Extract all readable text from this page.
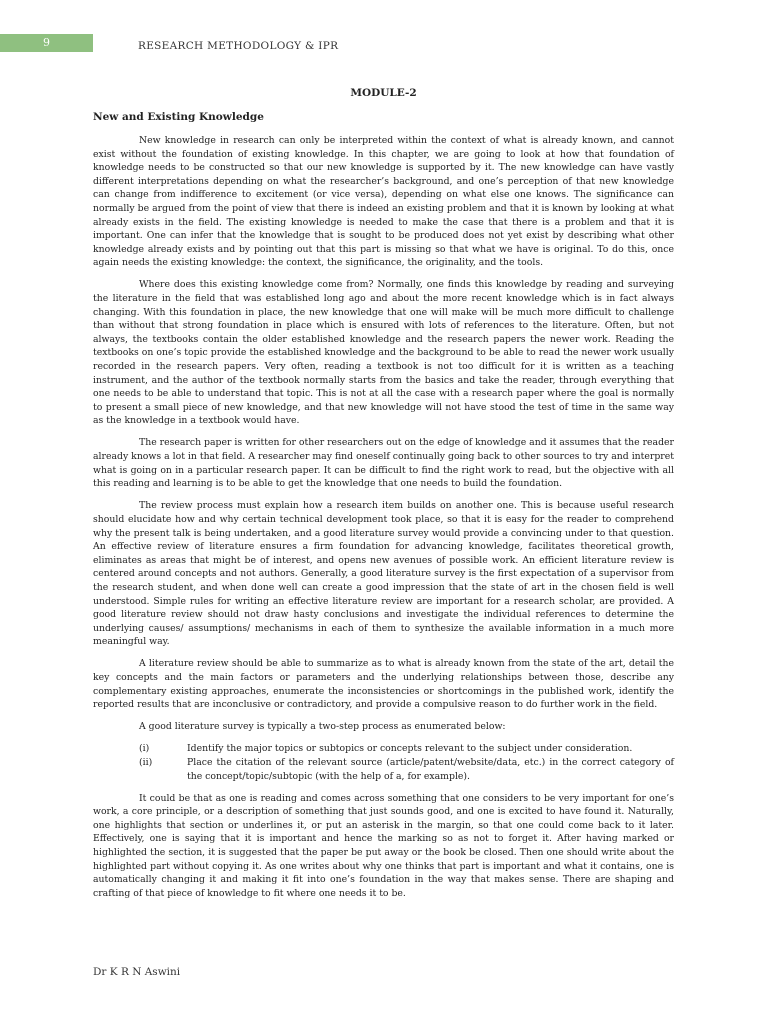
9	RESEARCH METHODOLOGY & IPR
MODULE-2
New and Existing Knowledge

New knowledge in research can only be interpreted within the context of what is already known, and cannot exist without the foundation of existing knowledge. In this chapter, we are going to look at how that foundation of knowledge needs to be constructed so that our new knowledge is supported by it. The new knowledge can have vastly different interpretations depending on what the researcher’s background, and one’s perception of that new knowledge can change from indifference to excitement (or vice versa), depending on what else one knows. The significance can normally be argued from the point of view that there is indeed an existing problem and that it is known by looking at what already exists in the field. The existing knowledge is needed to make the case that there is a problem and that it is important. One can infer that the knowledge that is sought to be produced does not yet exist by describing what other knowledge already exists and by pointing out that this part is missing so that what we have is original. To do this, once again needs the existing knowledge: the context, the significance, the originality, and the tools.

Where does this existing knowledge come from? Normally, one finds this knowledge by reading and surveying the literature in the field that was established long ago and about the more recent knowledge which is in fact always changing. With this foundation in place, the new knowledge that one will make will be much more difficult to challenge than without that strong foundation in place which is ensured with lots of references to the literature. Often, but not always, the textbooks contain the older established knowledge and the research papers the newer work. Reading the textbooks on one’s topic provide the established knowledge and the background to be able to read the newer work usually recorded in the research papers. Very often, reading a textbook is not too difficult for it is written as a teaching instrument, and the author of the textbook normally starts from the basics and take the reader, through everything that one needs to be able to understand that topic. This is not at all the case with a research paper where the goal is normally to present a small piece of new knowledge, and that new knowledge will not have stood the test of time in the same way as the knowledge in a textbook would have.

The research paper is written for other researchers out on the edge of knowledge and it assumes that the reader already knows a lot in that field. A researcher may find oneself continually going back to other sources to try and interpret what is going on in a particular research paper. It can be difficult to find the right work to read, but the objective with all this reading and learning is to be able to get the knowledge that one needs to build the foundation.

The review process must explain how a research item builds on another one. This is because useful research should elucidate how and why certain technical development took place, so that it is easy for the reader to comprehend why the present talk is being undertaken, and a good literature survey would provide a convincing under to that question. An effective review of literature ensures a firm foundation for advancing knowledge, facilitates theoretical growth, eliminates as areas that might be of interest, and opens new avenues of possible work. An efficient literature review is centered around concepts and not authors. Generally, a good literature survey is the first expectation of a supervisor from the research student, and when done well can create a good impression that the state of art in the chosen field is well understood. Simple rules for writing an effective literature review are important for a research scholar, are provided. A good literature review should not draw hasty conclusions and investigate the individual references to determine the underlying causes/ assumptions/ mechanisms in each of them to synthesize the available information in a much more meaningful way.

A literature review should be able to summarize as to what is already known from the state of the art, detail the key concepts and the main factors or parameters and the underlying relationships between those, describe any complementary existing approaches, enumerate the inconsistencies or shortcomings in the published work, identify the reported results that are inconclusive or contradictory, and provide a compulsive reason to do further work in the field.

A good literature survey is typically a two-step process as enumerated below:

(i)	Identify the major topics or subtopics or concepts relevant to the subject under consideration.
(ii)	Place the citation of the relevant source (article/patent/website/data, etc.) in the correct category of the concept/topic/subtopic (with the help of a, for example).

It could be that as one is reading and comes across something that one considers to be very important for one’s work, a core principle, or a description of something that just sounds good, and one is excited to have found it. Naturally, one highlights that section or underlines it, or put an asterisk in the margin, so that one could come back to it later. Effectively, one is saying that it is important and hence the marking so as not to forget it. After having marked or highlighted the section, it is suggested that the paper be put away or the book be closed. Then one should write about the highlighted part without copying it. As one writes about why one thinks that part is important and what it contains, one is automatically changing it and making it fit into one’s foundation in the way that makes sense. There are shaping and crafting of that piece of knowledge to fit where one needs it to be.

Dr K R N Aswini
